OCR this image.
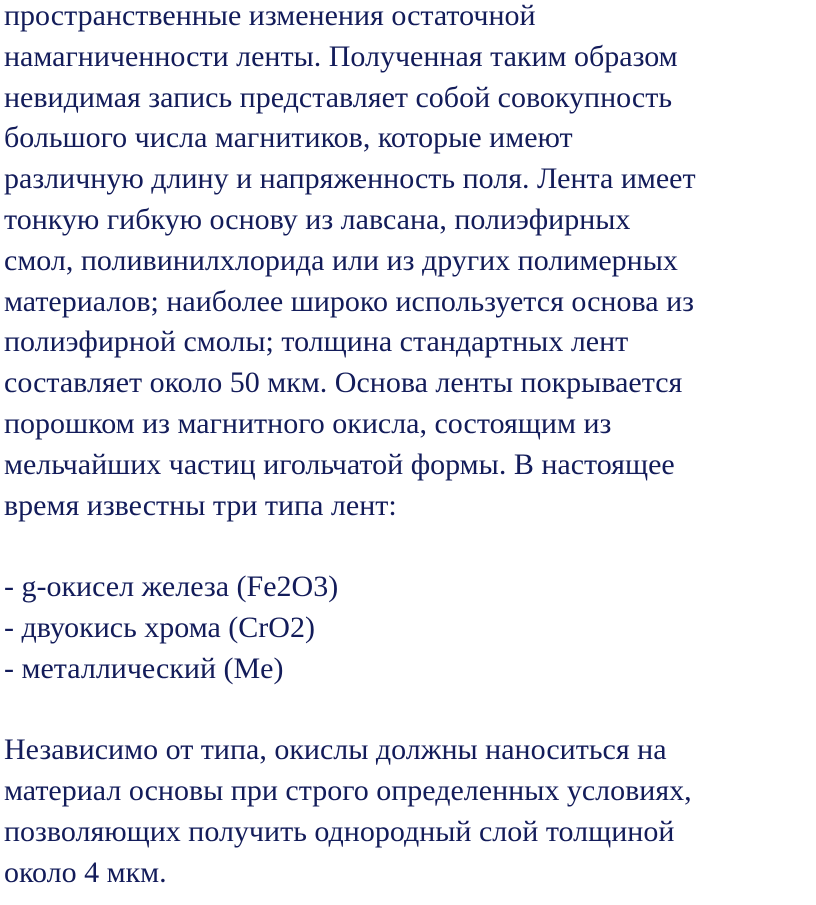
пространственные изменения остаточной
намагниченности ленты. Полученная таким образом
невидимая запись представляет собой совокупность
большого числа магнитиков, которые имеют
различную длину и напряженность поля. Лента имеет
тонкую гибкую основу из лавсана, полиэфирных
смол, поливинилхлорида или из других полимерных
материалов; наиболее широко используется основа из
полиэфирной смолы; толщина стандартных лент
составляет около 50 мкм. Основа ленты покрывается
порошком из магнитного окисла, состоящим из
мельчайших частиц игольчатой формы. В настоящее
время известны три типа лент:
- g-окисел железа (Fe2O3)
- двуокись хрома (CrO2)
- металлический (Me)
Независимо от типа, окислы должны наноситься на
материал основы при строго определенных условиях,
позволяющих получить однородный слой толщиной
около 4 мкм.
